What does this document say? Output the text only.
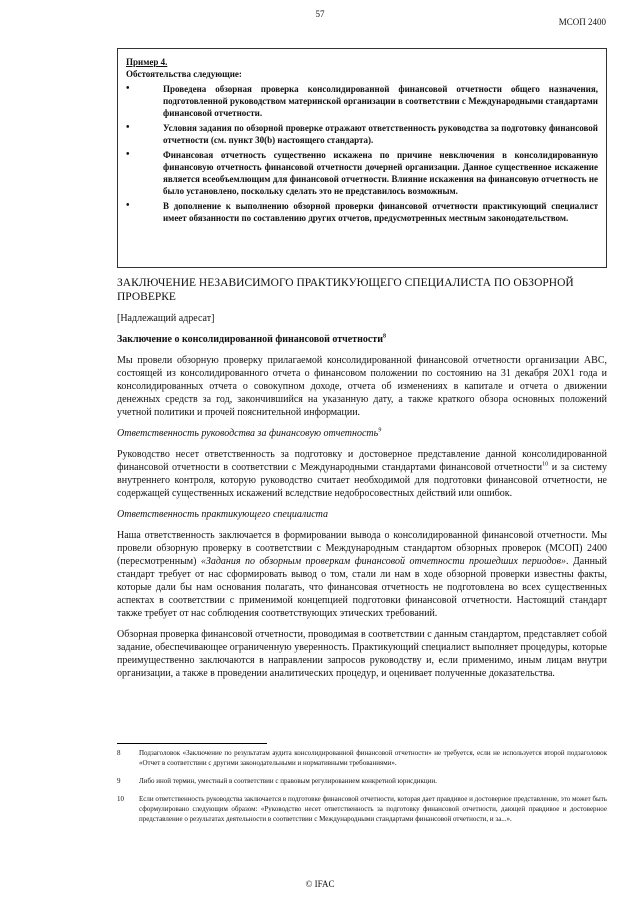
57
МСОП 2400
Пример 4.
Обстоятельства следующие:
• Проведена обзорная проверка консолидированной финансовой отчетности общего назначения, подготовленной руководством материнской организации в соответствии с Международными стандартами финансовой отчетности.
• Условия задания по обзорной проверке отражают ответственность руководства за подготовку финансовой отчетности (см. пункт 30(b) настоящего стандарта).
• Финансовая отчетность существенно искажена по причине невключения в консолидированную финансовую отчетность финансовой отчетности дочерней организации. Данное существенное искажение является всеобъемлющим для финансовой отчетности. Влияние искажения на финансовую отчетность не было установлено, поскольку сделать это не представилось возможным.
• В дополнение к выполнению обзорной проверки финансовой отчетности практикующий специалист имеет обязанности по составлению других отчетов, предусмотренных местным законодательством.

ЗАКЛЮЧЕНИЕ НЕЗАВИСИМОГО ПРАКТИКУЮЩЕГО СПЕЦИАЛИСТА ПО ОБЗОРНОЙ ПРОВЕРКЕ

[Надлежащий адресат]

Заключение о консолидированной финансовой отчетности$^8$

Мы провели обзорную проверку прилагаемой консолидированной финансовой отчетности организации ABC, состоящей из консолидированного отчета о финансовом положении по состоянию на 31 декабря 20X1 года и консолидированных отчета о совокупном доходе, отчета об изменениях в капитале и отчета о движении денежных средств за год, закончившийся на указанную дату, а также краткого обзора основных положений учетной политики и прочей пояснительной информации.

Ответственность руководства за финансовую отчетность$^9$

Руководство несет ответственность за подготовку и достоверное представление данной консолидированной финансовой отчетности в соответствии с Международными стандартами финансовой отчетности$^{10}$ и за систему внутреннего контроля, которую руководство считает необходимой для подготовки финансовой отчетности, не содержащей существенных искажений вследствие недобросовестных действий или ошибок.

Ответственность практикующего специалиста

Наша ответственность заключается в формировании вывода о консолидированной финансовой отчетности. Мы провели обзорную проверку в соответствии с Международным стандартом обзорных проверок (МСОП) 2400 (пересмотренным) «Задания по обзорным проверкам финансовой отчетности прошедших периодов». Данный стандарт требует от нас сформировать вывод о том, стали ли нам в ходе обзорной проверки известны факты, которые дали бы нам основания полагать, что финансовая отчетность не подготовлена во всех существенных аспектах в соответствии с применимой концепцией подготовки финансовой отчетности. Настоящий стандарт также требует от нас соблюдения соответствующих этических требований.

Обзорная проверка финансовой отчетности, проводимая в соответствии с данным стандартом, представляет собой задание, обеспечивающее ограниченную уверенность. Практикующий специалист выполняет процедуры, которые преимущественно заключаются в направлении запросов руководству и, если применимо, иным лицам внутри организации, а также в проведении аналитических процедур, и оценивает полученные доказательства.

8	Подзаголовок «Заключение по результатам аудита консолидированной финансовой отчетности» не требуется, если не используется второй подзаголовок «Отчет в соответствии с другими законодательными и нормативными требованиями».
9	Либо иной термин, уместный в соответствии с правовым регулированием конкретной юрисдикции.
10	Если ответственность руководства заключается в подготовке финансовой отчетности, которая дает правдивое и достоверное представление, это может быть сформулировано следующим образом: «Руководство несет ответственность за подготовку финансовой отчетности, дающей правдивое и достоверное представление о результатах деятельности в соответствии с Международными стандартами финансовой отчетности, и за...».
© IFAC
